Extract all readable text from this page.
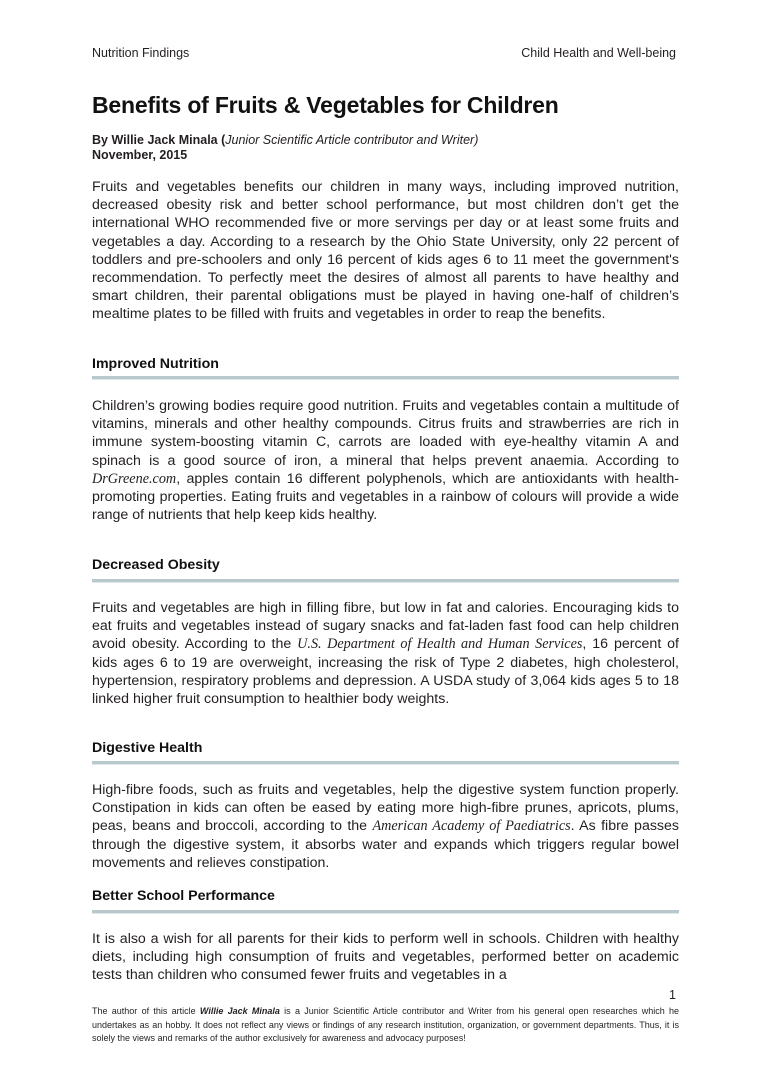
Nutrition Findings	Child Health and Well-being
Benefits of Fruits & Vegetables for Children
By Willie Jack Minala (Junior Scientific Article contributor and Writer)
November, 2015

Fruits and vegetables benefits our children in many ways, including improved nutrition, decreased obesity risk and better school performance, but most children don’t get the international WHO recommended five or more servings per day or at least some fruits and vegetables a day. According to a research by the Ohio State University, only 22 percent of toddlers and pre-schoolers and only 16 percent of kids ages 6 to 11 meet the government's recommendation. To perfectly meet the desires of almost all parents to have healthy and smart children, their parental obligations must be played in having one-half of children’s mealtime plates to be filled with fruits and vegetables in order to reap the benefits.

Improved Nutrition

Children’s growing bodies require good nutrition. Fruits and vegetables contain a multitude of vitamins, minerals and other healthy compounds. Citrus fruits and strawberries are rich in immune system-boosting vitamin C, carrots are loaded with eye-healthy vitamin A and spinach is a good source of iron, a mineral that helps prevent anaemia. According to DrGreene.com, apples contain 16 different polyphenols, which are antioxidants with health-promoting properties. Eating fruits and vegetables in a rainbow of colours will provide a wide range of nutrients that help keep kids healthy.

Decreased Obesity

Fruits and vegetables are high in filling fibre, but low in fat and calories. Encouraging kids to eat fruits and vegetables instead of sugary snacks and fat-laden fast food can help children avoid obesity. According to the U.S. Department of Health and Human Services, 16 percent of kids ages 6 to 19 are overweight, increasing the risk of Type 2 diabetes, high cholesterol, hypertension, respiratory problems and depression. A USDA study of 3,064 kids ages 5 to 18 linked higher fruit consumption to healthier body weights.

Digestive Health

High-fibre foods, such as fruits and vegetables, help the digestive system function properly. Constipation in kids can often be eased by eating more high-fibre prunes, apricots, plums, peas, beans and broccoli, according to the American Academy of Paediatrics. As fibre passes through the digestive system, it absorbs water and expands which triggers regular bowel movements and relieves constipation.

Better School Performance

It is also a wish for all parents for their kids to perform well in schools. Children with healthy diets, including high consumption of fruits and vegetables, performed better on academic tests than children who consumed fewer fruits and vegetables in a

1
The author of this article Willie Jack Minala is a Junior Scientific Article contributor and Writer from his general open researches which he undertakes as an hobby. It does not reflect any views or findings of any research institution, organization, or government departments. Thus, it is solely the views and remarks of the author exclusively for awareness and advocacy purposes!
